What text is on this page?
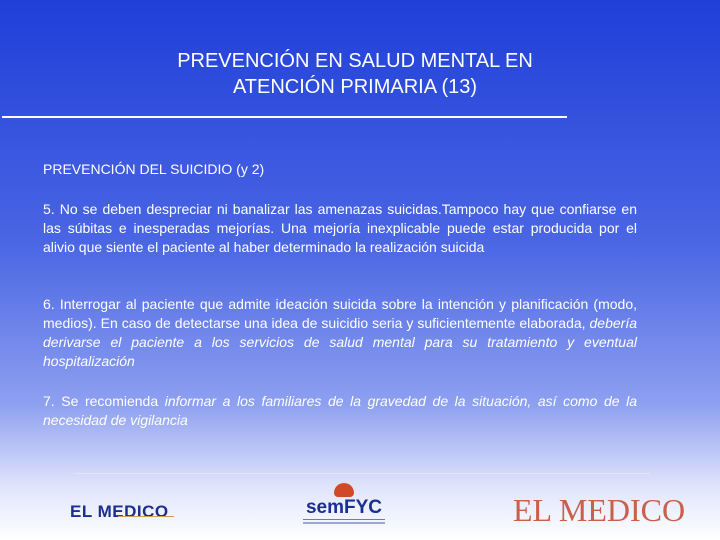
PREVENCIÓN EN SALUD MENTAL EN
ATENCIÓN PRIMARIA (13)
PREVENCIÓN DEL SUICIDIO (y 2)
5. No se deben despreciar ni banalizar las amenazas suicidas.Tampoco hay que confiarse en las súbitas e inesperadas mejorías. Una mejoría inexplicable puede estar producida por el alivio que siente el paciente al haber determinado la realización suicida
6. Interrogar al paciente que admite ideación suicida sobre la intención y planificación (modo, medios). En caso de detectarse una idea de suicidio seria y suficientemente elaborada, debería derivarse el paciente a los servicios de salud mental para su tratamiento y eventual hospitalización
7. Se recomienda informar a los familiares de la gravedad de la situación, así como de la necesidad de vigilancia
EL MEDICO	semFYC	EL MEDICO
